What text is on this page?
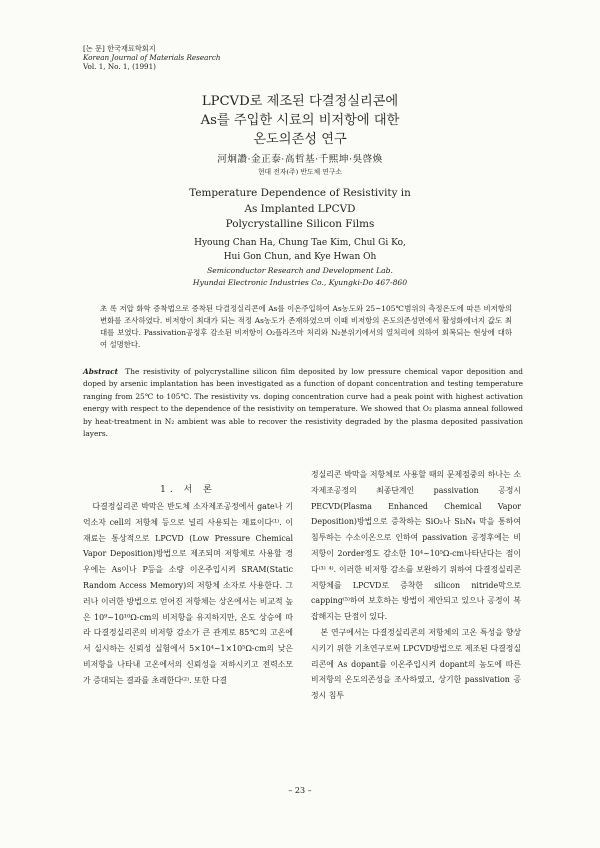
[논 문] 한국재료학회지
Korean Journal of Materials Research
Vol. 1, No. 1, (1991)
LPCVD로 제조된 다결정실리콘에
As를 주입한 시료의 비저항에 대한
온도의존성 연구
河炯讚·金正泰·高哲基·千熙坤·吳啓煥
현대 전자(주) 반도체 연구소
Temperature Dependence of Resistivity in
As Implanted LPCVD
Polycrystalline Silicon Films
Hyoung Chan Ha, Chung Tae Kim, Chul Gi Ko,
Hui Gon Chun, and Kye Hwan Oh
Semiconductor Research and Development Lab.
Hyundai Electronic Industries Co., Kyungki-Do 467-860
초 록 저압 화학 증착법으로 증착된 다결정실리콘에 As를 이온주입하여 As농도와 25~105℃범위의 측정온도에 따른 비저항의 변화를 조사하였다. 비저항이 최대가 되는 적정 As농도가 존재하였으며 이때 비저항의 온도의존성면에서 활성화에너지 값도 최대를 보였다. Passivation공정후 감소된 비저항이 O₂플라즈마 처리와 N₂분위기에서의 열처리에 의하여 회복되는 현상에 대하여 설명한다.
Abstract The resistivity of polycrystalline silicon film deposited by low pressure chemical vapor deposition and doped by arsenic implantation has been investigated as a function of dopant concentration and testing temperature ranging from 25℃ to 105℃. The resistivity vs. doping concentration curve had a peak point with highest activation energy with respect to the dependence of the resistivity on temperature. We showed that O₂ plasma anneal followed by heat-treatment in N₂ ambient was able to recover the resistivity degraded by the plasma deposited passivation layers.
1. 서 론

다결정실리콘 박막은 반도체 소자제조공정에서 gate나 기억소자 cell의 저항체 등으로 널리 사용되는 재료이다⁽¹⁾. 이 재료는 통상적으로 LPCVD (Low Pressure Chemical Vapor Deposition)방법으로 제조되며 저항체로 사용할 경우에는 As이나 P등을 소량 이온주입시켜 SRAM(Static Random Access Memory)의 저항체 소자로 사용한다. 그러나 이러한 방법으로 얻어진 저항체는 상온에서는 비교적 높은 10⁹~10¹⁰Ω-cm의 비저항을 유지하지만, 온도 상승에 따라 다결정실리콘의 비저항 감소가 큰 관계로 85℃의 고온에서 실시하는 신뢰성 실험에서 5×10⁴~1×10⁵Ω-cm의 낮은 비저항을 나타내 고온에서의 신뢰성을 저하시키고 전력소모가 증대되는 결과를 초래한다⁽²⁾. 또한 다결

정실리콘 박막을 저항체로 사용할 때의 문제점중의 하나는 소자제조공정의 최종단계인 passivation 공정시 PECVD(Plasma Enhanced Chemical Vapor Deposition)방법으로 증착하는 SiO₂나 Si₃N₄ 막을 통하여 침투하는 수소이온으로 인하여 passivation 공정후에는 비저항이 2order정도 감소한 10⁴~10⁵Ω-cm나타난다는 점이다⁽³⁾ ⁴⁾. 이러한 비저항 감소를 보완하기 위하여 다결정실리콘 저항체를 LPCVD로 증착한 silicon nitride막으로 capping⁽⁵⁾하여 보호하는 방법이 제안되고 있으나 공정이 복잡해지는 단점이 있다.

본 연구에서는 다결정실리콘의 저항체의 고온 특성을 향상시키기 위한 기초연구로써 LPCVD방법으로 제조된 다결정실리콘에 As dopant를 이온주입시켜 dopant의 농도에 따른 비저항의 온도의존성을 조사하였고, 상기한 passivation 공정시 침투

– 23 –
